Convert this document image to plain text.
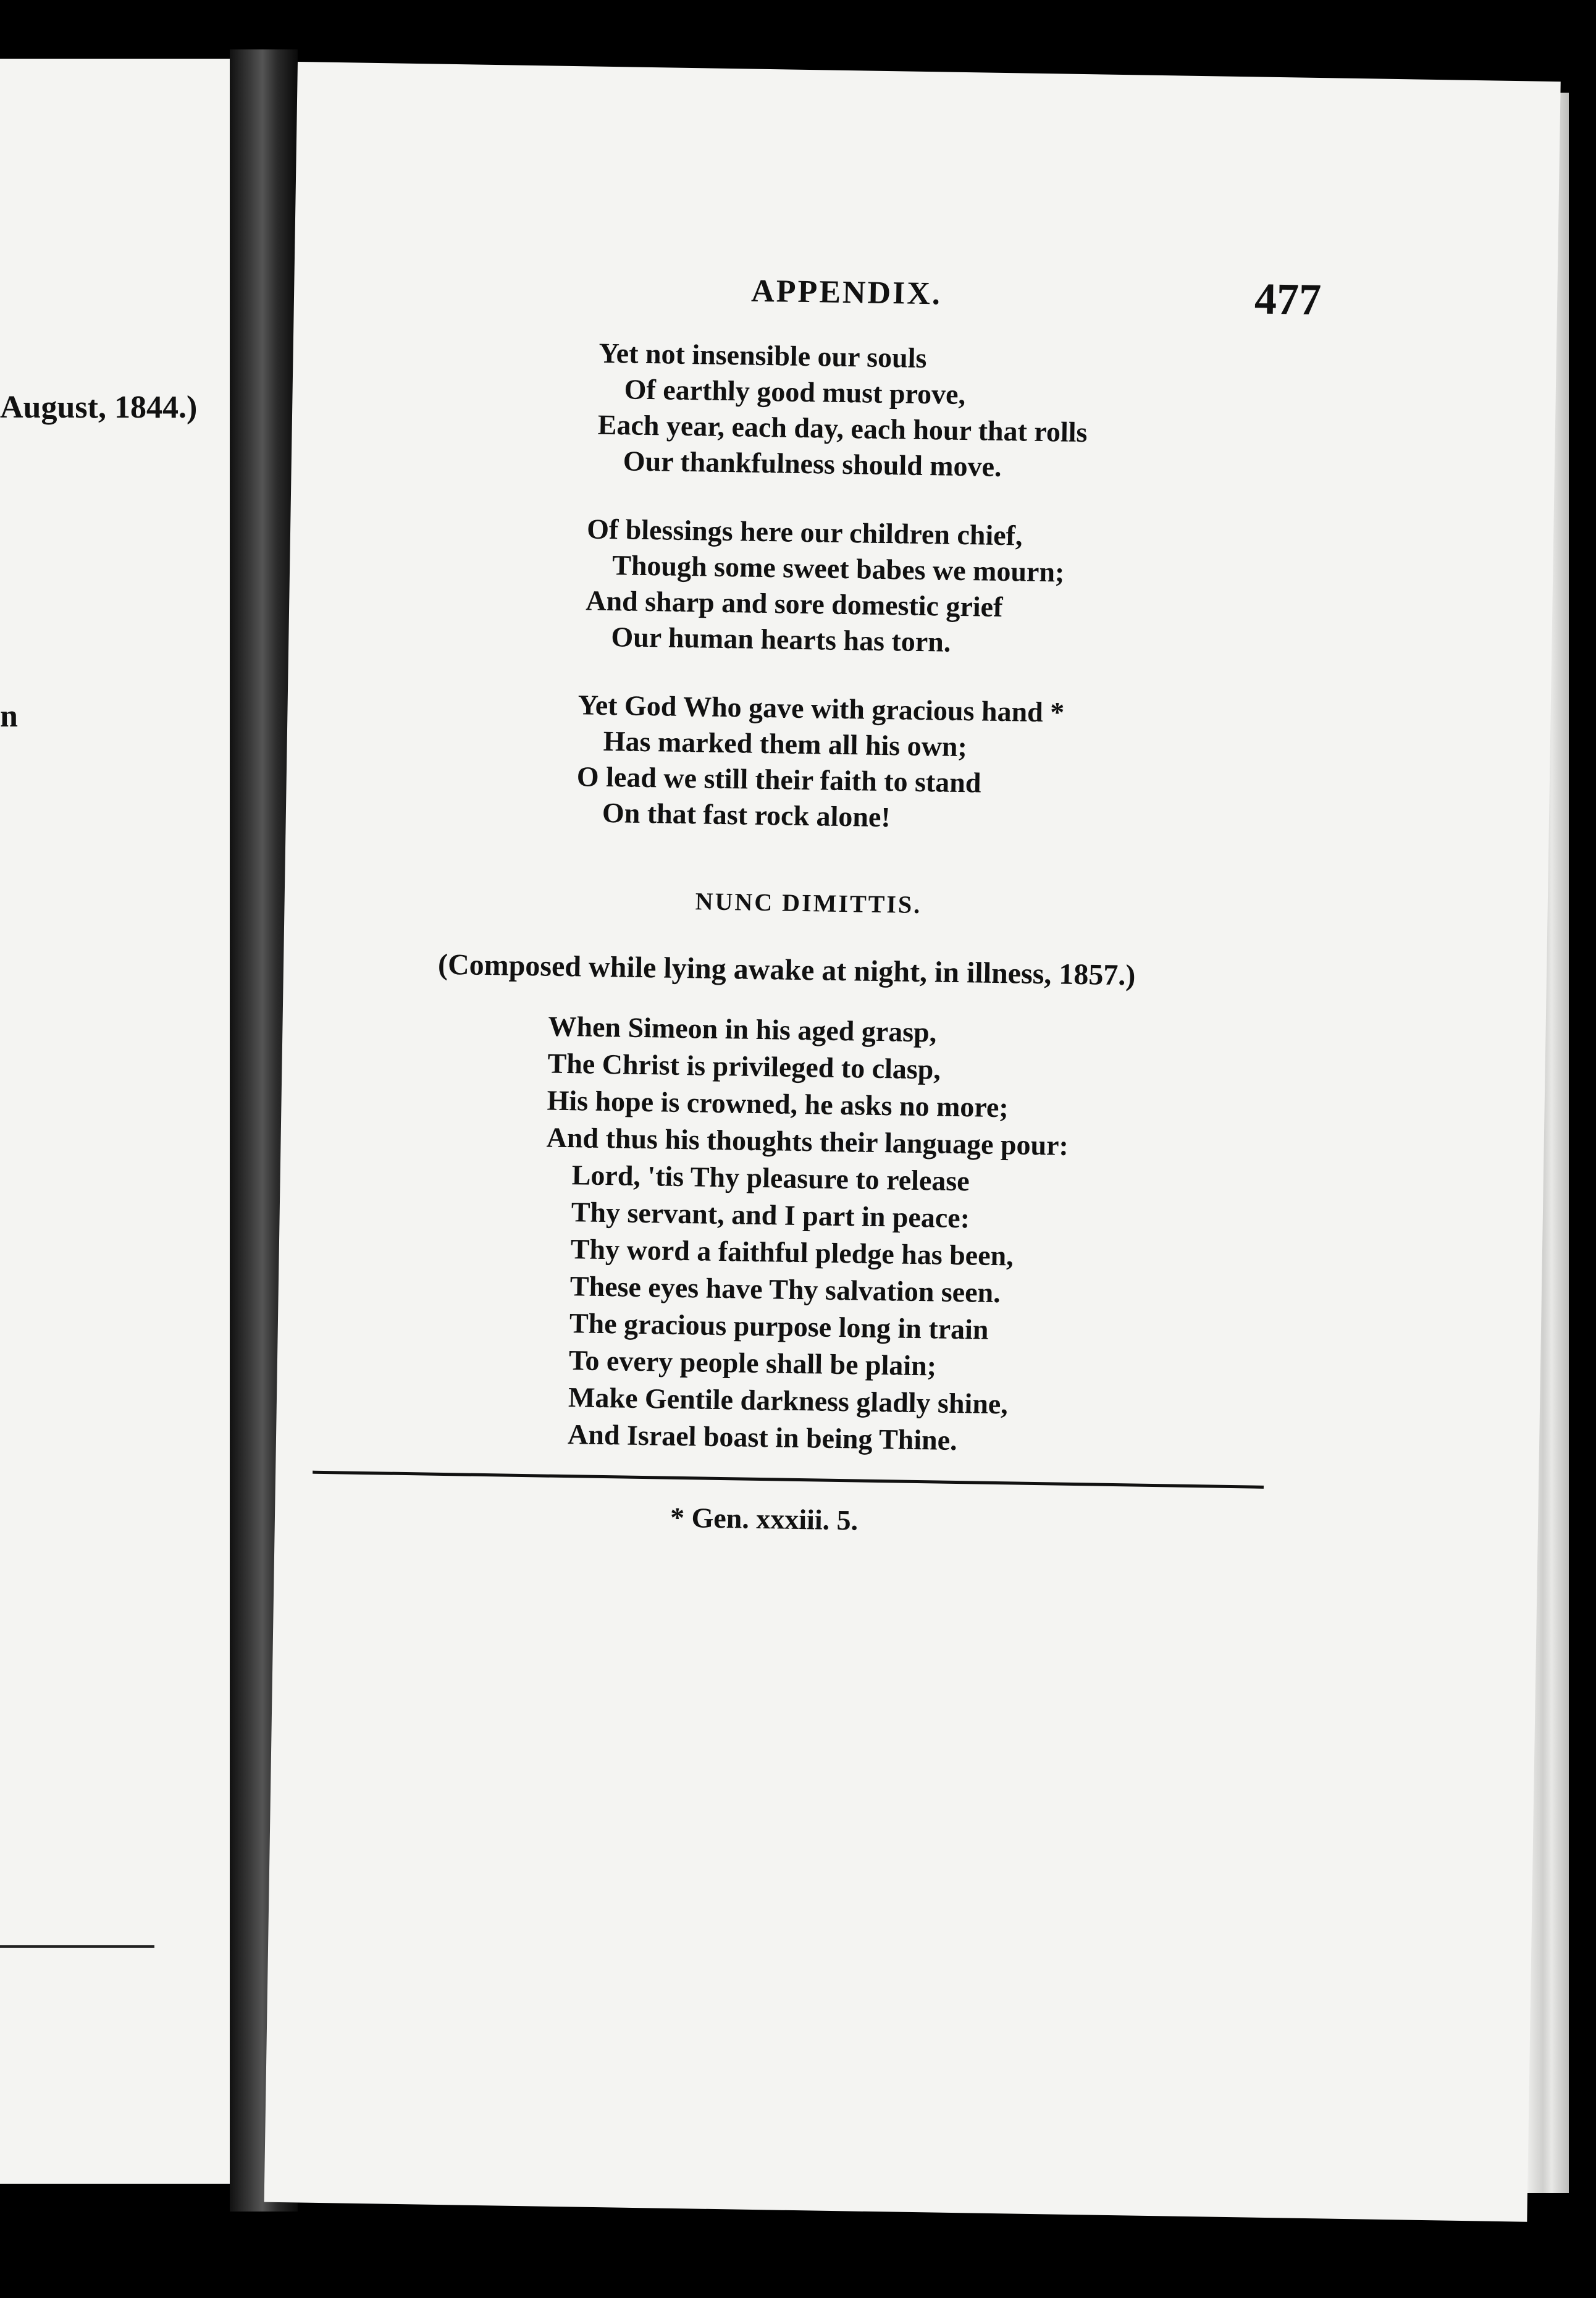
August, 1844.)
n
APPENDIX.	477
Yet not insensible our souls
Of earthly good must prove,
Each year, each day, each hour that rolls
Our thankfulness should move.
Of blessings here our children chief,
Though some sweet babes we mourn;
And sharp and sore domestic grief
Our human hearts has torn.
Yet God Who gave with gracious hand *
Has marked them all his own;
O lead we still their faith to stand
On that fast rock alone!
NUNC DIMITTIS.
(Composed while lying awake at night, in illness, 1857.)
When Simeon in his aged grasp,
The Christ is privileged to clasp,
His hope is crowned, he asks no more;
And thus his thoughts their language pour:
Lord, 'tis Thy pleasure to release
Thy servant, and I part in peace:
Thy word a faithful pledge has been,
These eyes have Thy salvation seen.
The gracious purpose long in train
To every people shall be plain;
Make Gentile darkness gladly shine,
And Israel boast in being Thine.
* Gen. xxxiii. 5.
